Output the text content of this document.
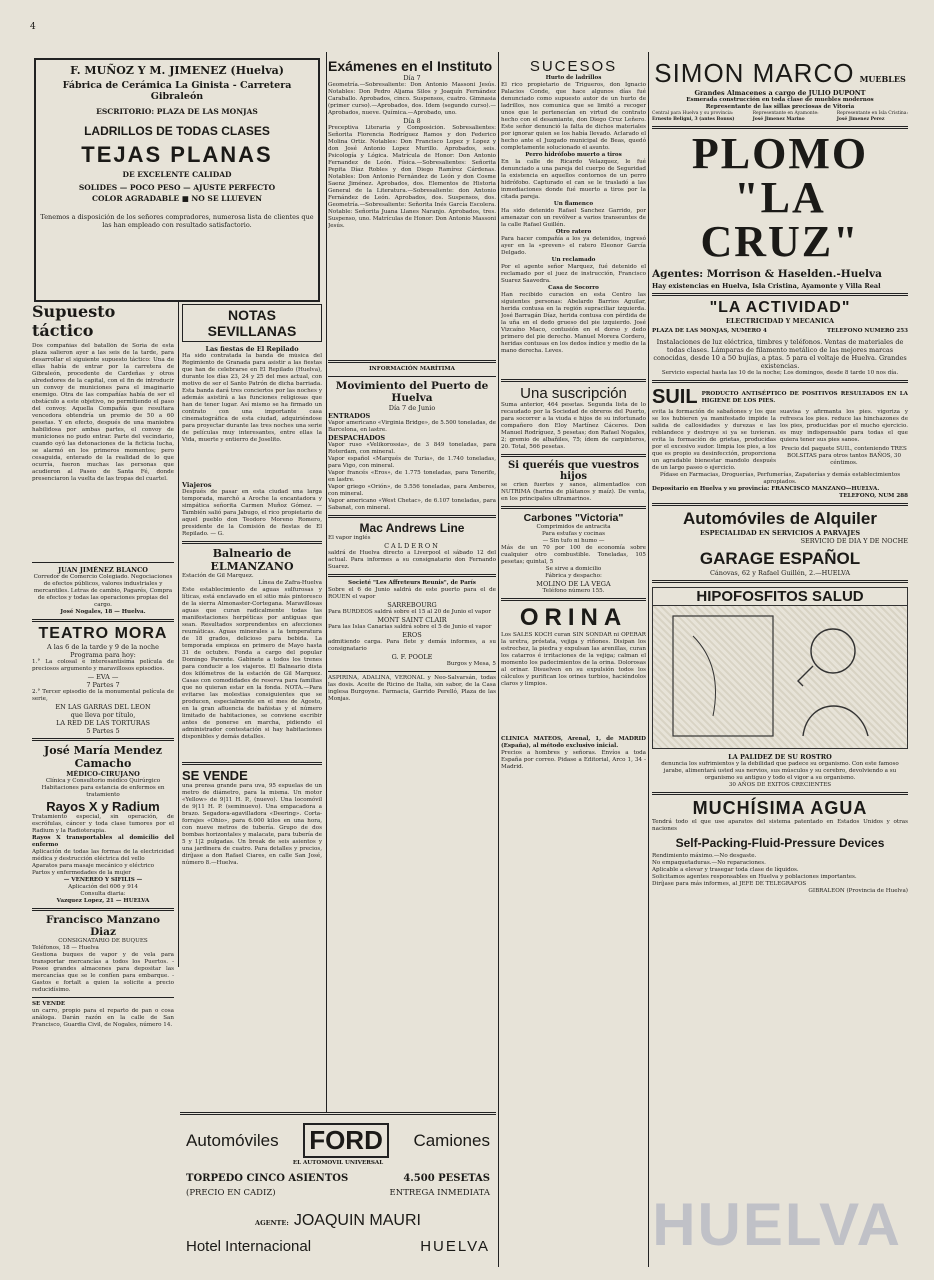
4
F. MUÑOZ Y M. JIMENEZ (Huelva)
Fábrica de Cerámica La Ginista - Carretera Gibraleón
ESCRITORIO: PLAZA DE LAS MONJAS
LADRILLOS DE TODAS CLASES
TEJAS PLANAS
DE EXCELENTE CALIDAD
SOLIDES — POCO PESO — AJUSTE PERFECTO
COLOR AGRADABLE ■ NO SE LLUEVEN
Tenemos a disposición de los señores compradores, numerosa lista de clientes que las han empleado con resultado satisfactorio.
Supuesto táctico
Dos compañías del batallón de Soria de esta plaza salieron ayer a las seis de la tarde, para desarrollar el siguiente supuesto táctico: Una de ellas había de entrar por la carretera de Gibraleón, procedente de Cardeñas y otros alrededores de la capital, con el fin de introducir un convoy de municiones para el imaginario enemigo. Otra de las compañías había de ser el obstáculo a este objetivo, no permitiendo el paso del convoy. Aquella Compañía que resultara vencedora obtendría un premio de 50 a 60 pesetas. Y en efecto, después de una maniobra habilidosa por ambas partes, el convoy de municiones no pudo entrar. Parte del vecindario, cuando oyó las detonaciones de la ficticia lucha, se alarmó en los primeros momentos; pero cesaguida, enterado de la realidad de lo que ocurría, fueron muchas las personas que acudieron al Paseo de Santa Fé, donde presenciaron la vuelta de las tropas del cuartel.
JUAN JIMÉNEZ BLANCO
Corredor de Comercio Colegiado. Negociaciones de efectos públicos, valores industriales y mercantiles. Letras de cambio, Pagarés, Compra de efectos y todas las operaciones propias del cargo.
José Nogales, 18 — Huelva.
TEATRO MORA
A las 6 de la tarde y 9 de la noche
Programa para hoy:
1.° La colosal e interesantísima película de preciosos argumento y maravillosos episodios.
— EVA —
7 Partes 7
2.° Tercer episodio de la monumental película de serie,
EN LAS GARRAS DEL LEON
que lleva por título,
LA RED DE LAS TORTURAS
5 Partes 5
José María Mendez Camacho
MÉDICO-CIRUJANO
Clínica y Consultorio médico Quirúrgico
Habitaciones para estancia de enfermos en tratamiento
Rayos X y Radium
Tratamiento especial, sin operación, de escrófulas, cáncer y toda clase tumores por el Radium y la Radioterapia.
Rayos X transportables al domicilio del enfermo
Aplicación de todas las formas de la electricidad médica y destrucción eléctrica del vello
Aparatos para masaje mecánico y eléctrico
Partos y enfermedades de la mujer
— VENEREO Y SIFILIS —
Aplicación del 606 y 914
Consulta diaria:
Vazquez Lopez, 21 — HUELVA
Francisco Manzano Diaz
CONSIGNATARIO DE BUQUES
Teléfonos, 18 — Huelva
Gestiona buques de vapor y de vela para transportar mercancías a todos los Puertos. - Posee grandes almacenes para depositar las mercancías que se le confíen para embarque. - Gastos e fortalt a quien la solicite a precio reducidísimo.
SE VENDE
un carro, propio para el reparto de pan o cosa análoga. Darán razón en la calle de San Francisco, Guardia Civil, de Nogales, número 14.
NOTAS SEVILLANAS
Las fiestas de El Repilado
Ha sido contratada la banda de música del Regimiento de Granada para asistir a las fiestas que han de celebrarse en El Repilado (Huelva), durante los días 23, 24 y 25 del mes actual, con motivo de ser el Santo Patrón de dicha barriada. Esta banda dará tres conciertos por las noches y además asistirá a las funciones religiosas que han de tener lugar. Así mismo se ha firmado un contrato con una importante casa cinematográfica de esta ciudad, adquiriéndose para proyectar durante las tres noches una serie de películas muy interesantes, entre ellas la Vida, muerte y entierro de Joselito.
Viajeros
Después de pasar en esta ciudad una larga temporada, marchó a Aroche la encantadora y simpática señorita Carmen Muñoz Gómez. —También salió para Jabugo, el rico propietario de aquel pueblo don Teodoro Moreno Romero, presidente de la Comisión de fiestas de El Repilado. — G.
Balneario de ELMANZANO
Estación de Gil Marquez.
Línea de Zafra-Huelva
Este establecimiento de aguas sulfurosas y líticas, está enclavado en el sitio más pintoresco de la sierra Almonaster-Cortegana. Maravillosas aguas que curan radicalmente todas las manifestaciones herpéticas por antiguas que sean. Resultados sorprendentes en afecciones reumáticas. Aguas minerales a la temperatura de 18 grados, delicioso para bebida. La temporada empieza en primero de Mayo hasta 31 de octubre. Fonda a cargo del popular Domingo Parente. Gabinete a todos los trenes para conducir a los viajeros. El Balneario dista dos kilómetros de la estación de Gil Marquez. Casas con comodidades de reserva para familias que no quieran estar en la fonda. NOTA.—Para evitarse las molestias consiguientes que se producen, especialmente en el mes de Agosto, en la gran afluencia de bañistas y el número limitado de habitaciones, se conviene escribir antes de ponerse en marcha, pidiendo el administrador contestación si hay habitaciones disponibles y demás detalles.
SE VENDE
una prensa grande para uva, 95 espuelas de un metro de diámetro, para la misma. Un motor «Yellow» de 9|11 H. P., (nuevo). Una locomóvil de 9|11 H. P. (seminuevo). Una empacadora a brazo. Segadora-agavilladora «Deering». Corta-forrajes «Ohio», para 6.000 kilos en una hora, con nueve metros de tubería. Grupo de dos bombas horizontales y malacate, para tubería de 5 y 1|2 pulgadas. Un break de seis asientos y una jardinera de cuatro. Para detalles y precios, diríjase a don Rafael Ciares, en calle San José, número 8.—Huelva.
Exámenes en el Instituto
Día 7
Geometría.—Sobresaliente: Don Antonio Massoni Jesús. Notables: Don Pedro Aljama Silos y Joaquín Fernández Caraballo. Aprobados, cinco. Suspensos, cuatro. Gimnasia (primer curso).—Aprobados, dos. Idem (segundo curso).—Aprobados, nueve. Química.—Aprobado, uno.
Día 8
Preceptiva Literaria y Composición. Sobresalientes: Señorita Florencia Rodríguez Ramos y don Federico Molina Ortiz. Notables: Don Francisco Lopez y Lopez y don José Antonio Lopez Murillo. Aprobados, seis. Psicología y Lógica. Matrícula de Honor: Don Antonio Fernandez de León. Física.—Sobresalientes: Señorita Pepita Díaz Robles y don Diego Ramírez Cárdenas. Notables: Don Antonio Fernández de León y don Cosme Saenz Jiménez. Aprobados, dos. Elementos de Historia General de la Literatura.—Sobresaliente: don Antonio Fernández de León. Aprobados, dos. Suspensos, dos. Geometría.—Sobresaliente: Señorita Inés García Escolera. Notable: Señorita Juana Llanes Naranjo. Aprobados, tres. Suspenso, uno. Matrículas de Honor: Don Antonio Massoni Jesús.
INFORMACIÓN MARÍTIMA
Movimiento del Puerto de Huelva
Día 7 de Junio
ENTRADOS
Vapor americano «Virginia Bridge», de 5.500 toneladas, de Barcelona, en lastre.
DESPACHADOS
Vapor ruso «Velikorossia», de 3 849 toneladas, para Roterdam, con mineral.
Vapor español «Marqués de Turia», de 1.740 toneladas, para Vigo, con mineral.
Vapor francés «Eros», de 1.775 toneladas, para Tenerife, en lastre.
Vapor griego «Orión», de 5.556 toneladas, para Amberes, con mineral.
Vapor americano «West Chetac», de 6.107 toneladas, para Sabanat, con mineral.
Mac Andrews Line
El vapor inglés
CALDERON
saldrá de Huelva directo a Liverpool el sábado 12 del actual. Para informes a su consignatario don Fernando Suarez.
Societé "Les Affreteurs Reunis", de París
Sobre el 6 de Junio saldrá de este puerto para el de ROUEN el vapor
SARREBOURG
Para BURDEOS saldrá sobre el 15 al 20 de Junio el vapor
MONT SAINT CLAIR
Para las Islas Canarias saldrá sobre el 5 de Junio el vapor
EROS
admitiendo carga. Para flete y demás informes, a su consignatario
G. F. POOLE
Burgos y Mesa, 5
ASPIRINA, ADALINA, VERONAL y Neo-Salvarsán, todas las dosis. Aceite de Ricino de Italia, sin sabor, de la Casa inglesa Burgoyne. Farmacia, Garrido Perelló, Plaza de las Monjas.
SUCESOS
Hurto de ladrillos
El rico propietario de Trigueros, don Ignacio Palacios Conde, que hace algunos días fué denunciado como supuesto autor de un hurto de ladrillos, nos comunica que se limitó a recoger unos que le pertenecían en virtud de contrato hecho con el desamiante, don Diego Cruz Leñero. Este señor denunció la falta de dichos materiales por ignorar quien se los había llevado. Aclarado el hecho ante el Juzgado municipal de Beas, quedó completamente solucionado el asunto.
Perro hidrófobo muerto a tiros
En la calle de Ricardo Velazquez, le fué denunciado a una pareja del cuerpo de Seguridad la existencia en aquellos contornos de un perro hidrófobo. Capturado el can se le trasladó a las inmediaciones donde fué muerto a tiros por la citada pareja.
Un flamenco
Ha sido detenido Rafael Sanchez Garrido, por amenazar con un revólver a varios transeuntes de la calle Rafael Guillén.
Otro ratero
Para hacer compañía a los ya detenidos, ingresó ayer en la «preven» el ratero Eleonor García Delgado.
Un reclamado
Por el agente señor Marquez, fué detenido el reclamado por el juez de instrucción, Francisco Suarez Saavedra.
Casa de Socorro
Han recibido curación en esta Centro las siguientes personas: Abelardo Barrios Aguilar, herida contusa en la región supraciliar izquierda. José Barragán Díaz, herida contusa con pérdida de la uña en el dedo grueso del pie izquierdo. José Vizcaíno Maco, contusión en el dorso y dedo primero del pie derecho. Manuel Morera Cordero, heridas contusas en los dedos índice y medio de la mano derecha. Leves.
Una suscripción
Suma anterior, 464 pesetas. Segunda lista de lo recaudado por la Sociedad de obreros del Puerto, para socorrer a la viuda e hijos de su infortunado compañero don Eloy Martínez Cáceres. Don Manuel Rodríguez, 5 pesetas; don Rafael Nogales, 2; gremio de albañiles, 75; ídem de carpinteros, 20. Total, 566 pesetas.
Si queréis que vuestros hijos
se crien fuertes y sanos, alimentadlos con NUTRIMA (harina de plátanos y maíz). De venta, en los principales ultramarinos.
Carbones "Victoria"
Comprimidos de antracita
Para estufas y cocinas
— Sin tufo ni humo —
Más de un 70 por 100 de economía sobre cualquier otro combustible. Toneladas, 105 pesetas; quintal, 5
Se sirve a domicilio
Fábrica y despacho:
MOLINO DE LA VEGA
Teléfono número 155.
ORINA
Los SALES KOCH curan SIN SONDAR ni OPERAR la uretra, próstata, vejiga y riñones. Disipan los estrechez, la piedra y expulsan las arenillas, curan los catarros é irritaciones de la vejiga; calman el momento los padecimientos de la orina. Dolorosas al orinar. Disuelven en su expulsión todos los cálculos y purifican los orines turbios, haciéndolos claros y limpios.
CLINICA MATEOS, Arenal, 1, de MADRID (España), al método exclusivo inicial.
Precios a hombres y señoras. Envíos a toda España por correo. Pidase a Editorial, Arco 1, 34 - Madrid.
SIMON MARCO MUEBLES
Grandes Almacenes a cargo de JULIO DUPONT
Esmerada construcción en toda clase de muebles modernos
Representante de las sillas preciosas de Vitoria
Central para Huelva y su provincia:
Ernesto Beligni, 3 (antes Bonus)
Representante en Ayamonte:
José Jimenez Marino
Representante en Isla Cristina:
José Jimenez Perez
PLOMO
"LA CRUZ"
Agentes: Morrison & Haselden.-Huelva
Hay existencias en Huelva, Isla Cristina, Ayamonte y Villa Real
"LA ACTIVIDAD"
ELECTRICIDAD Y MECANICA
PLAZA DE LAS MONJAS, NUMERO 4	TELEFONO NUMERO 253
Instalaciones de luz eléctrica, timbres y teléfonos. Ventas de materiales de todas clases. Lámparas de filamento metálico de las mejores marcas conocidas, desde 10 a 50 bujías, a ptas. 5 para el voltaje de Huelva. Grandes existencias.
Servicio especial hasta las 10 de la noche; Los domingos, desde 8 tarde 10 nos día.
SUIL PRODUCTO ANTISÉPTICO DE POSITIVOS RESULTADOS EN LA HIGIENE DE LOS PIES.
evita la formación de sabañones y los que se los hubieren ya manifestado impide la salida de callosidades y durezas e las reblandece y destruye si ya se tuvieran. evita la formación de grietas, producidas por el excesivo sudor. limpia los pies, a los que es propio su desinfección, proporciona un agradable bienestar mandolo después de un largo paseo o ejercicio.
suavisa y afirmanta los pies. vigoriza y refresca los pies. reduce las hinchazones de los pies, producidas por el mucho ejercicio. es muy indispensable para todas el que quiera tener sus pies sanos.
Precio del paquete SUIL, conteniendo TRES BOLSITAS para otros tantos BAÑOS, 30 céntimos.
Pídase en Farmacias, Droguerías, Perfumerías, Zapaterías y demás establecimientos apropiados.
Depositario en Huelva y su provincia: FRANCISCO MANZANO—HUELVA.
TELEFONO, NUM 288
Automóviles de Alquiler
ESPECIALIDAD EN SERVICIOS A PARVAJES
SERVICIO DE DIA Y DE NOCHE
GARAGE ESPAÑOL
Cánovas, 62 y Rafael Guillén, 2.—HUELVA
HIPOFOSFITOS SALUD
LA PALIDEZ DE SU ROSTRO
denuncia los sufrimientos y la debilidad que padece su organismo. Con este famoso jarabe, alimentará usted sus nervios, sus músculos y su cerebro, devolviendo a su organismo su antiguo y todo el vigor a su organismo.
30 AÑOS DE EXITOS CRECIENTES
MUCHÍSIMA AGUA
Tendrá todo el que use aparatos del sistema patentado en Estados Unidos y otras naciones
Self-Packing-Fluid-Pressure Devices
Rendimiento máximo.—No desgaste.
No empaquetaduras.—No reparaciones.
Aplicable a elevar y trasegar toda clase de líquidos.
Solicitamos agentes responsables en Huelva y poblaciones importantes.
Diríjase para más informes, al JEFE DE TELEGRAFOS
GIBRALEON (Provincia de Huelva)
Automóviles FORD	Camiones
EL AUTOMOVIL UNIVERSAL
TORPEDO CINCO ASIENTOS	4.500 PESETAS
(PRECIO EN CADIZ)	ENTREGA INMEDIATA
AGENTE: JOAQUIN MAURI
Hotel Internacional	HUELVA	HUELVA
